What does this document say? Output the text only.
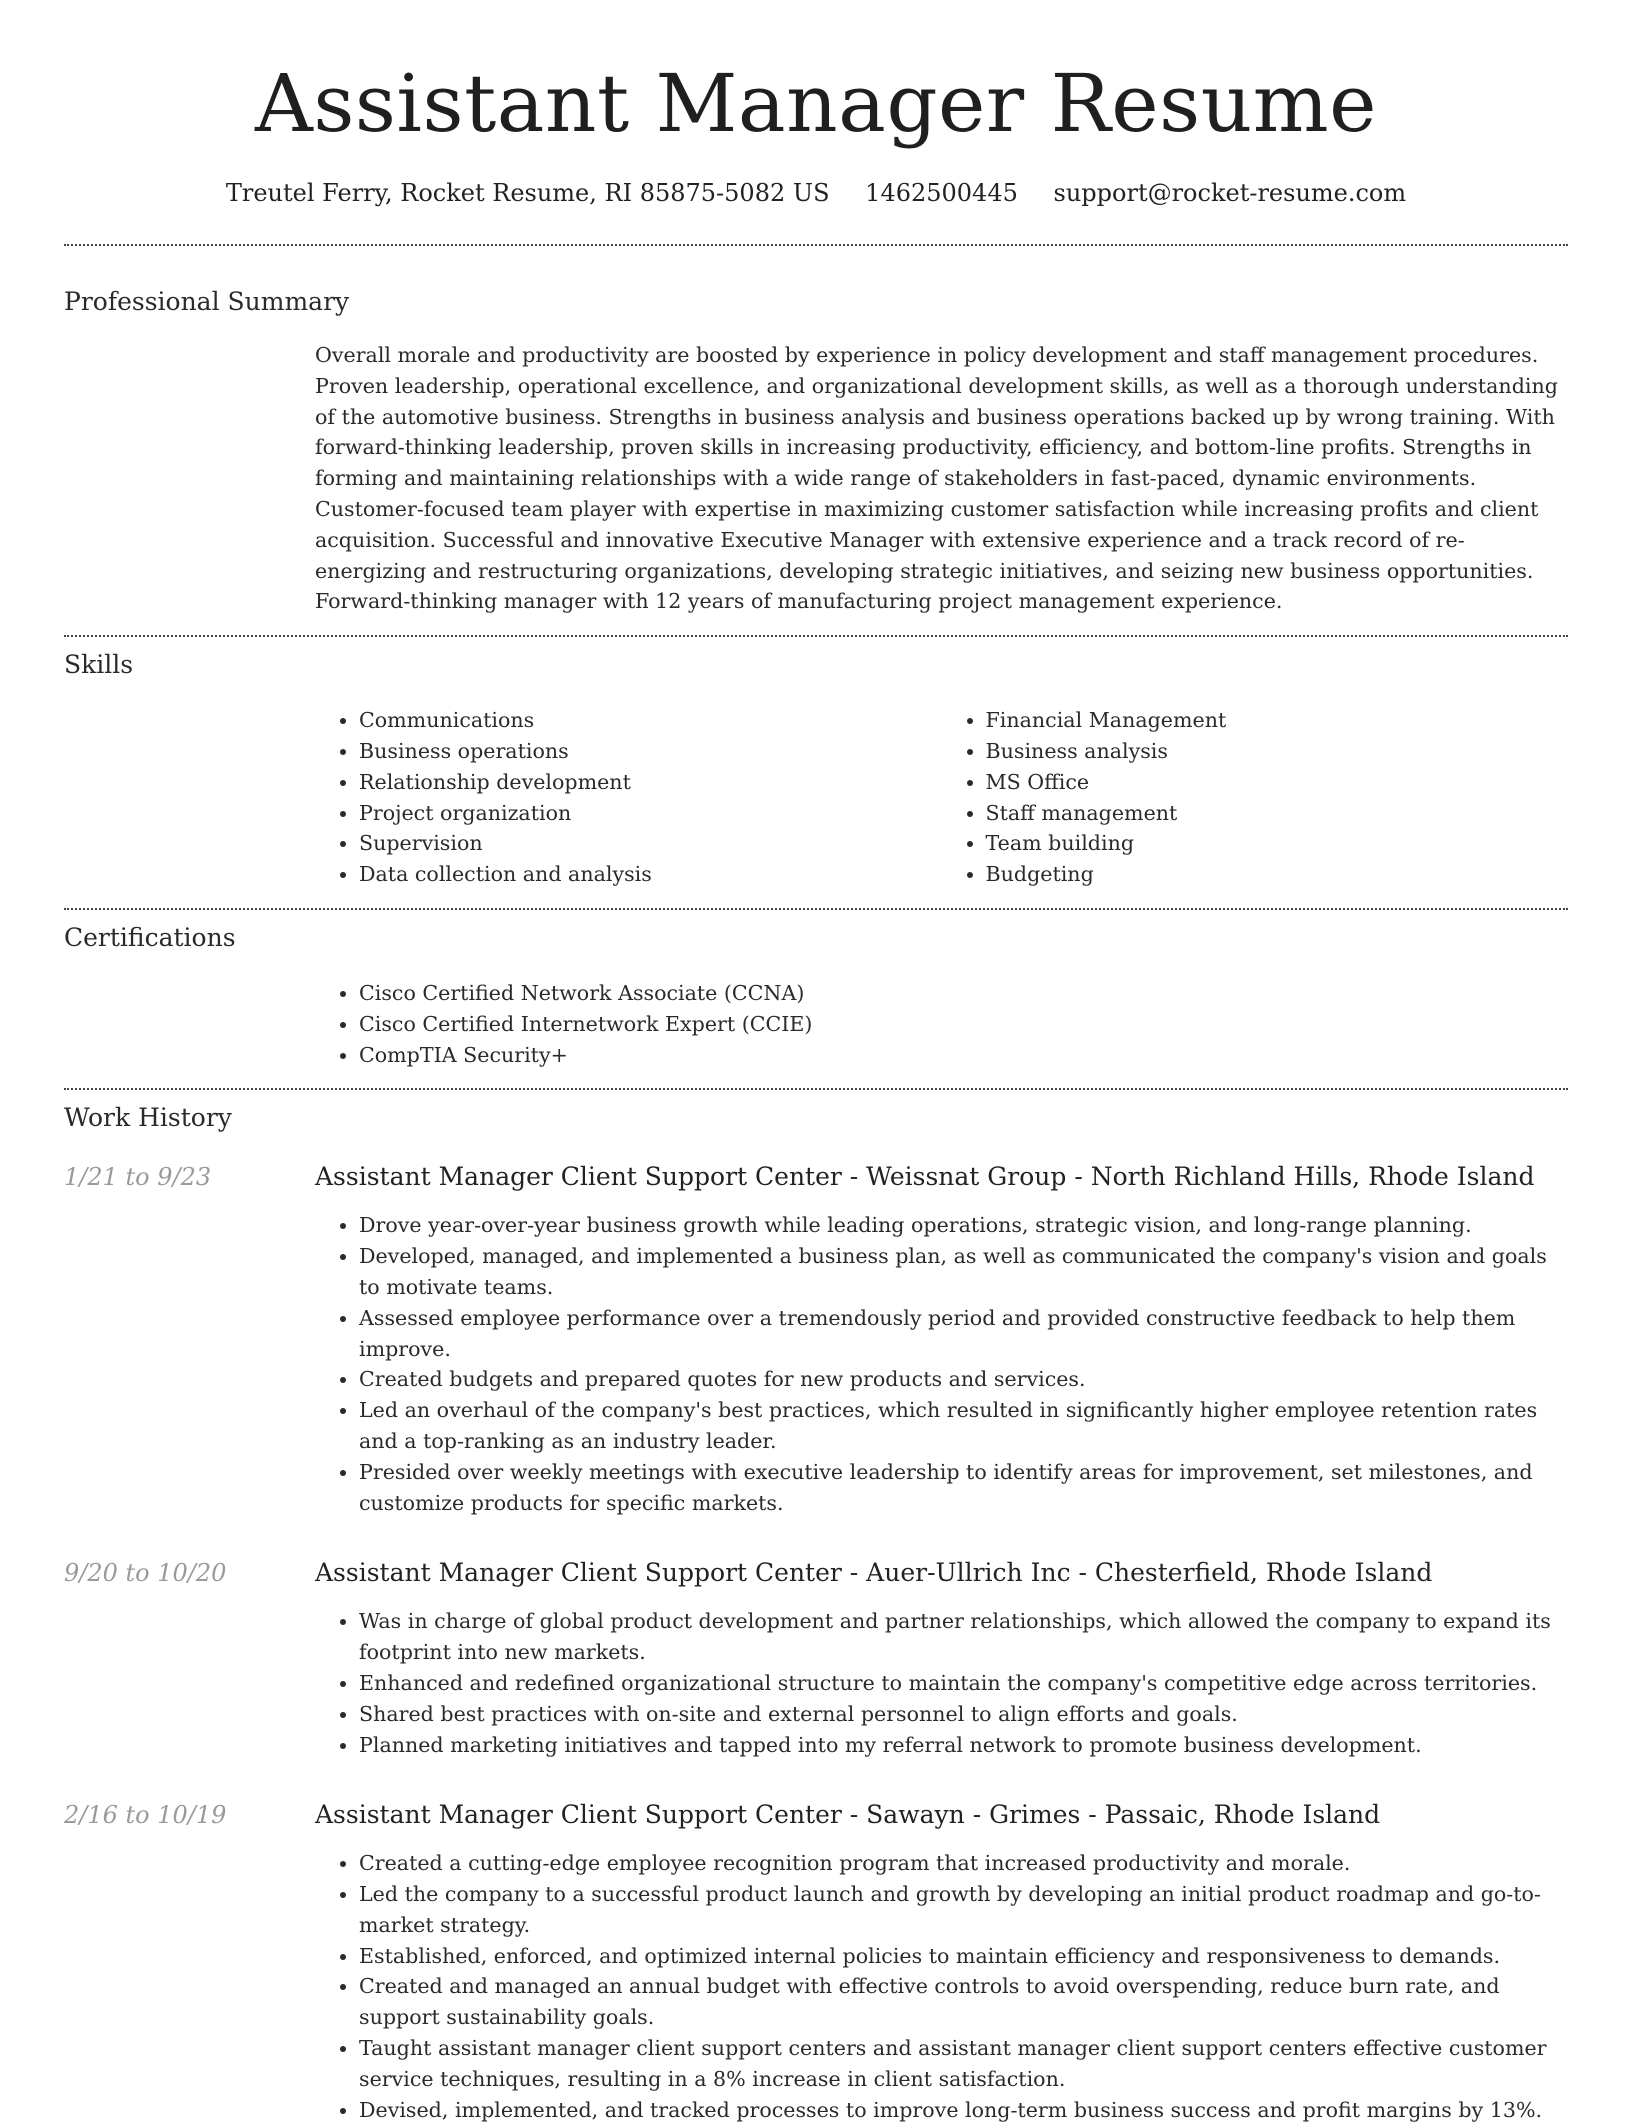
Assistant Manager Resume
Treutel Ferry, Rocket Resume, RI 85875-5082 US 1462500445 support@rocket-resume.com
Professional Summary
Overall morale and productivity are boosted by experience in policy development and staff management procedures. Proven leadership, operational excellence, and organizational development skills, as well as a thorough understanding of the automotive business. Strengths in business analysis and business operations backed up by wrong training. With forward-thinking leadership, proven skills in increasing productivity, efficiency, and bottom-line profits. Strengths in forming and maintaining relationships with a wide range of stakeholders in fast-paced, dynamic environments. Customer-focused team player with expertise in maximizing customer satisfaction while increasing profits and client acquisition. Successful and innovative Executive Manager with extensive experience and a track record of re-energizing and restructuring organizations, developing strategic initiatives, and seizing new business opportunities. Forward-thinking manager with 12 years of manufacturing project management experience.
Skills
• Communications
• Business operations
• Relationship development
• Project organization
• Supervision
• Data collection and analysis
• Financial Management
• Business analysis
• MS Office
• Staff management
• Team building
• Budgeting
Certifications
• Cisco Certified Network Associate (CCNA)
• Cisco Certified Internetwork Expert (CCIE)
• CompTIA Security+
Work History
1/21 to 9/23	Assistant Manager Client Support Center - Weissnat Group - North Richland Hills, Rhode Island
• Drove year-over-year business growth while leading operations, strategic vision, and long-range planning.
• Developed, managed, and implemented a business plan, as well as communicated the company's vision and goals to motivate teams.
• Assessed employee performance over a tremendously period and provided constructive feedback to help them improve.
• Created budgets and prepared quotes for new products and services.
• Led an overhaul of the company's best practices, which resulted in significantly higher employee retention rates and a top-ranking as an industry leader.
• Presided over weekly meetings with executive leadership to identify areas for improvement, set milestones, and customize products for specific markets.
9/20 to 10/20	Assistant Manager Client Support Center - Auer-Ullrich Inc - Chesterfield, Rhode Island
• Was in charge of global product development and partner relationships, which allowed the company to expand its footprint into new markets.
• Enhanced and redefined organizational structure to maintain the company's competitive edge across territories.
• Shared best practices with on-site and external personnel to align efforts and goals.
• Planned marketing initiatives and tapped into my referral network to promote business development.
2/16 to 10/19	Assistant Manager Client Support Center - Sawayn - Grimes - Passaic, Rhode Island
• Created a cutting-edge employee recognition program that increased productivity and morale.
• Led the company to a successful product launch and growth by developing an initial product roadmap and go-to-market strategy.
• Established, enforced, and optimized internal policies to maintain efficiency and responsiveness to demands.
• Created and managed an annual budget with effective controls to avoid overspending, reduce burn rate, and support sustainability goals.
• Taught assistant manager client support centers and assistant manager client support centers effective customer service techniques, resulting in a 8% increase in client satisfaction.
• Devised, implemented, and tracked processes to improve long-term business success and profit margins by 13%.
